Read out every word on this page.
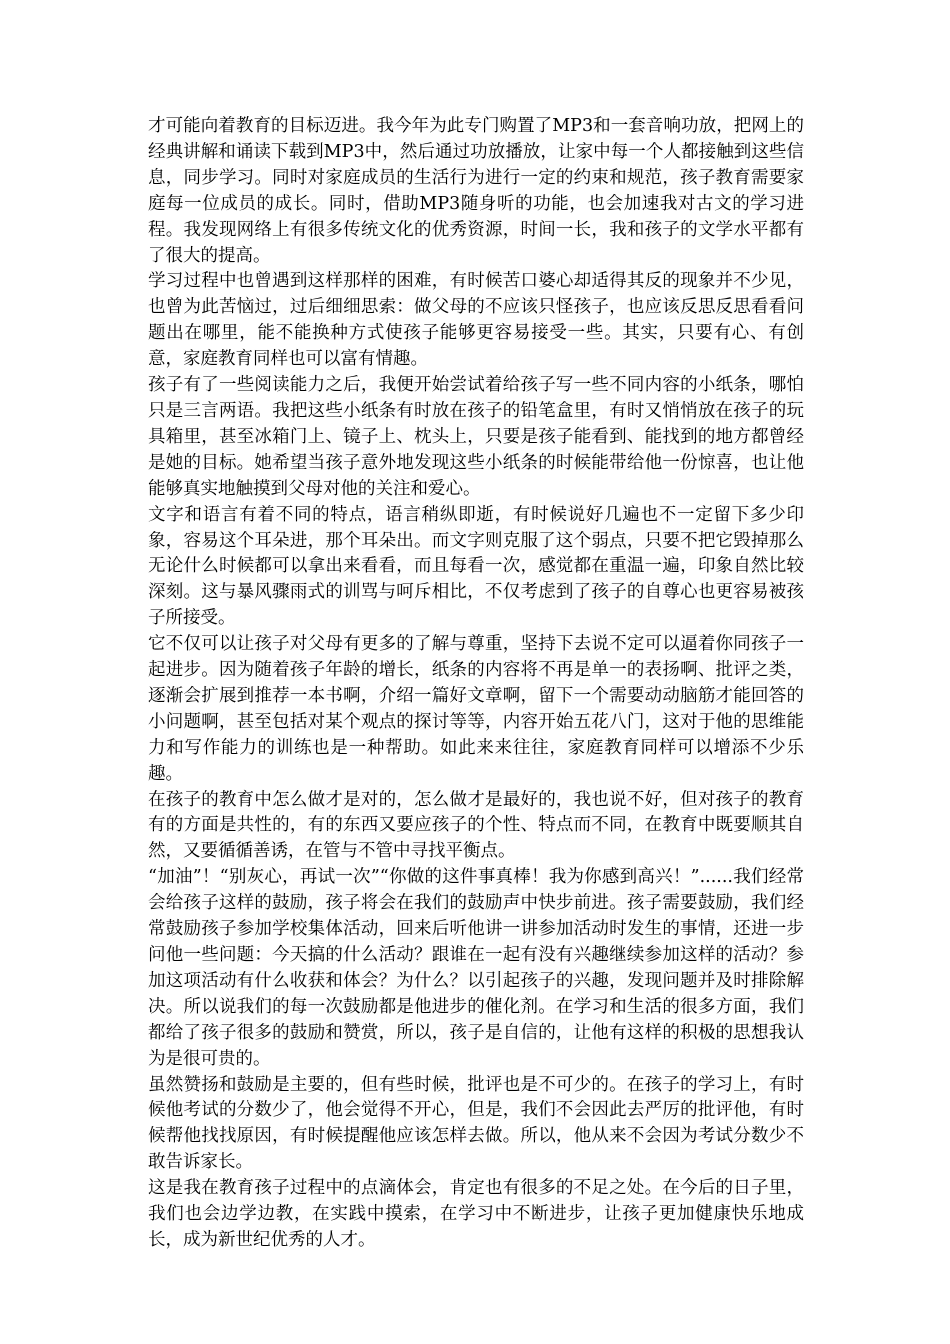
才可能向着教育的目标迈进。我今年为此专门购置了MP3和一套音响功放，把网上的经典讲解和诵读下载到MP3中，然后通过功放播放，让家中每一个人都接触到这些信息，同步学习。同时对家庭成员的生活行为进行一定的约束和规范，孩子教育需要家庭每一位成员的成长。同时，借助MP3随身听的功能，也会加速我对古文的学习进程。我发现网络上有很多传统文化的优秀资源，时间一长，我和孩子的文学水平都有了很大的提高。

学习过程中也曾遇到这样那样的困难，有时候苦口婆心却适得其反的现象并不少见，也曾为此苦恼过，过后细细思索：做父母的不应该只怪孩子，也应该反思反思看看问题出在哪里，能不能换种方式使孩子能够更容易接受一些。其实，只要有心、有创意，家庭教育同样也可以富有情趣。

孩子有了一些阅读能力之后，我便开始尝试着给孩子写一些不同内容的小纸条，哪怕只是三言两语。我把这些小纸条有时放在孩子的铅笔盒里，有时又悄悄放在孩子的玩具箱里，甚至冰箱门上、镜子上、枕头上，只要是孩子能看到、能找到的地方都曾经是她的目标。她希望当孩子意外地发现这些小纸条的时候能带给他一份惊喜，也让他能够真实地触摸到父母对他的关注和爱心。

文字和语言有着不同的特点，语言稍纵即逝，有时候说好几遍也不一定留下多少印象，容易这个耳朵进，那个耳朵出。而文字则克服了这个弱点，只要不把它毁掉那么无论什么时候都可以拿出来看看，而且每看一次，感觉都在重温一遍，印象自然比较深刻。这与暴风骤雨式的训骂与呵斥相比，不仅考虑到了孩子的自尊心也更容易被孩子所接受。

它不仅可以让孩子对父母有更多的了解与尊重，坚持下去说不定可以逼着你同孩子一起进步。因为随着孩子年龄的增长，纸条的内容将不再是单一的表扬啊、批评之类，逐渐会扩展到推荐一本书啊，介绍一篇好文章啊，留下一个需要动动脑筋才能回答的小问题啊，甚至包括对某个观点的探讨等等，内容开始五花八门，这对于他的思维能力和写作能力的训练也是一种帮助。如此来来往往，家庭教育同样可以增添不少乐趣。

在孩子的教育中怎么做才是对的，怎么做才是最好的，我也说不好，但对孩子的教育有的方面是共性的，有的东西又要应孩子的个性、特点而不同，在教育中既要顺其自然，又要循循善诱，在管与不管中寻找平衡点。

“加油”！“别灰心，再试一次”“你做的这件事真棒！我为你感到高兴！”......我们经常会给孩子这样的鼓励，孩子将会在我们的鼓励声中快步前进。孩子需要鼓励，我们经常鼓励孩子参加学校集体活动，回来后听他讲一讲参加活动时发生的事情，还进一步问他一些问题：今天搞的什么活动？跟谁在一起有没有兴趣继续参加这样的活动？参加这项活动有什么收获和体会？为什么？以引起孩子的兴趣，发现问题并及时排除解决。所以说我们的每一次鼓励都是他进步的催化剂。在学习和生活的很多方面，我们都给了孩子很多的鼓励和赞赏，所以，孩子是自信的，让他有这样的积极的思想我认为是很可贵的。

虽然赞扬和鼓励是主要的，但有些时候，批评也是不可少的。在孩子的学习上，有时候他考试的分数少了，他会觉得不开心，但是，我们不会因此去严厉的批评他，有时候帮他找找原因，有时候提醒他应该怎样去做。所以，他从来不会因为考试分数少不敢告诉家长。

这是我在教育孩子过程中的点滴体会，肯定也有很多的不足之处。在今后的日子里，我们也会边学边教，在实践中摸索，在学习中不断进步，让孩子更加健康快乐地成长，成为新世纪优秀的人才。
